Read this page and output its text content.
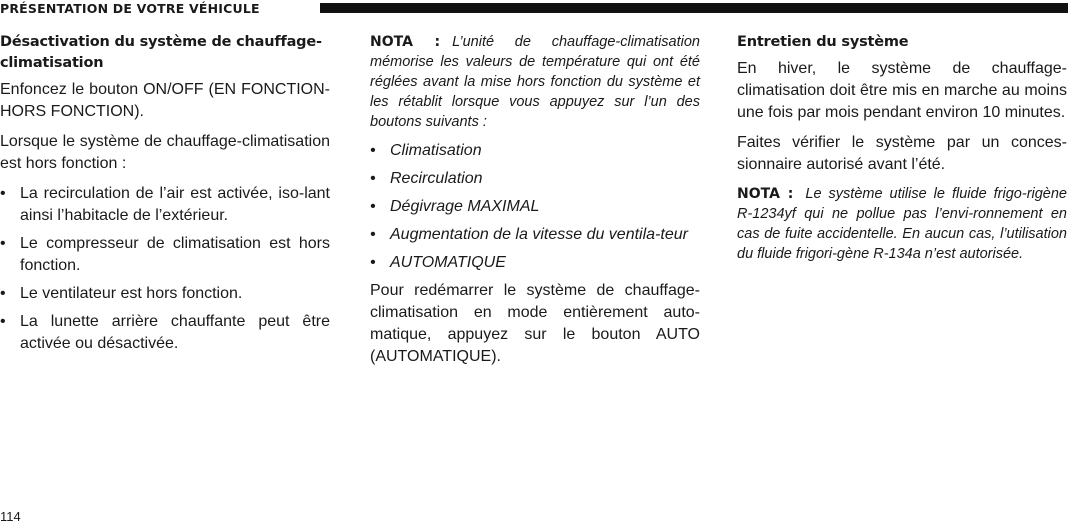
PRÉSENTATION DE VOTRE VÉHICULE
Désactivation du système de chauffage-climatisation

Enfoncez le bouton ON/OFF (EN FONCTION-HORS FONCTION).

Lorsque le système de chauffage-climatisation est hors fonction :

• La recirculation de l’air est activée, iso-lant ainsi l’habitacle de l’extérieur.
• Le compresseur de climatisation est hors fonction.
• Le ventilateur est hors fonction.
• La lunette arrière chauffante peut être activée ou désactivée.

NOTA : L’unité de chauffage-climatisation mémorise les valeurs de température qui ont été réglées avant la mise hors fonction du système et les rétablit lorsque vous appuyez sur l’un des boutons suivants :

• Climatisation
• Recirculation
• Dégivrage MAXIMAL
• Augmentation de la vitesse du ventila-teur
• AUTOMATIQUE

Pour redémarrer le système de chauffage-climatisation en mode entièrement auto-matique, appuyez sur le bouton AUTO (AUTOMATIQUE).

Entretien du système

En hiver, le système de chauffage-climatisation doit être mis en marche au moins une fois par mois pendant environ 10 minutes.

Faites vérifier le système par un conces-sionnaire autorisé avant l’été.

NOTA : Le système utilise le fluide frigo-rigène R-1234yf qui ne pollue pas l’envi-ronnement en cas de fuite accidentelle. En aucun cas, l’utilisation du fluide frigori-gène R-134a n’est autorisée.

114
